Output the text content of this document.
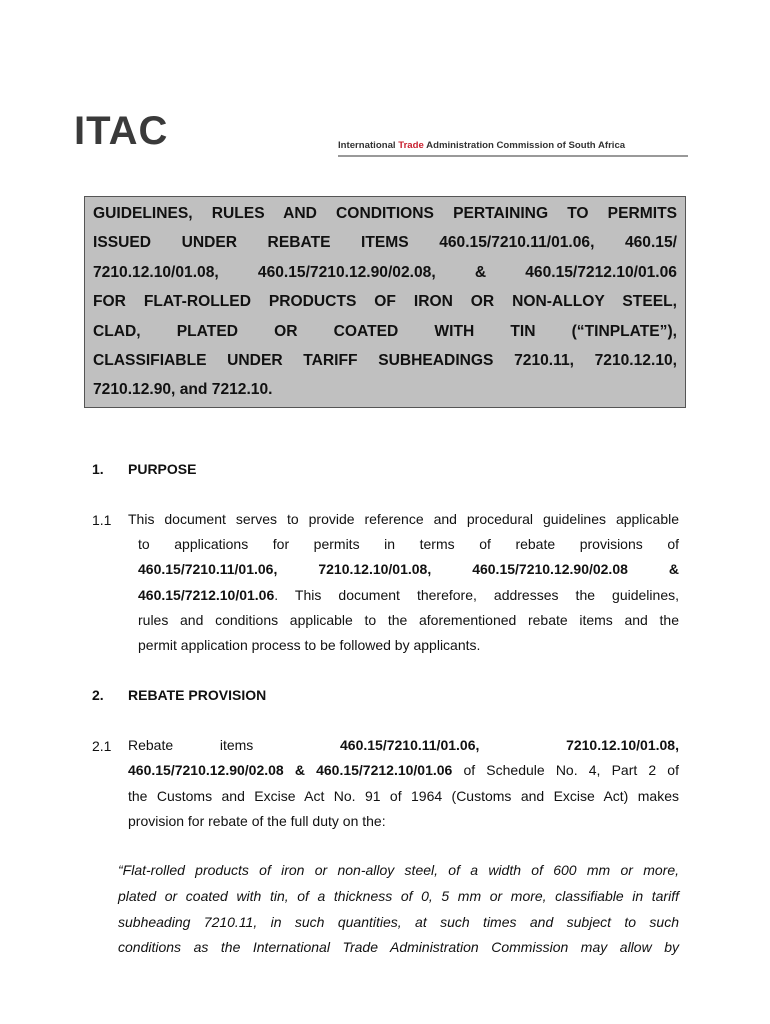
ITAC	International Trade Administration Commission of South Africa

GUIDELINES, RULES AND CONDITIONS PERTAINING TO PERMITS

ISSUED UNDER REBATE ITEMS 460.15/7210.11/01.06, 460.15/

7210.12.10/01.08, 460.15/7210.12.90/02.08, & 460.15/7212.10/01.06

FOR FLAT-ROLLED PRODUCTS OF IRON OR NON-ALLOY STEEL,

CLAD, PLATED OR COATED WITH TIN (“TINPLATE”),

CLASSIFIABLE UNDER TARIFF SUBHEADINGS 7210.11, 7210.12.10,

7210.12.90, and 7212.10.

1. PURPOSE
1.1 This document serves to provide reference and procedural guidelines applicable
to applications for permits in terms of rebate provisions of
460.15/7210.11/01.06, 7210.12.10/01.08, 460.15/7210.12.90/02.08 &
460.15/7212.10/01.06. This document therefore, addresses the guidelines,
rules and conditions applicable to the aforementioned rebate items and the
permit application process to be followed by applicants.
2. REBATE PROVISION
2.1 Rebate	items	460.15/7210.11/01.06,	7210.12.10/01.08,
460.15/7210.12.90/02.08 & 460.15/7212.10/01.06 of Schedule No. 4, Part 2 of
the Customs and Excise Act No. 91 of 1964 (Customs and Excise Act) makes
provision for rebate of the full duty on the:
“Flat-rolled products of iron or non-alloy steel, of a width of 600 mm or more,
plated or coated with tin, of a thickness of 0, 5 mm or more, classifiable in tariff
subheading 7210.11, in such quantities, at such times and subject to such
conditions as the International Trade Administration Commission may allow by
